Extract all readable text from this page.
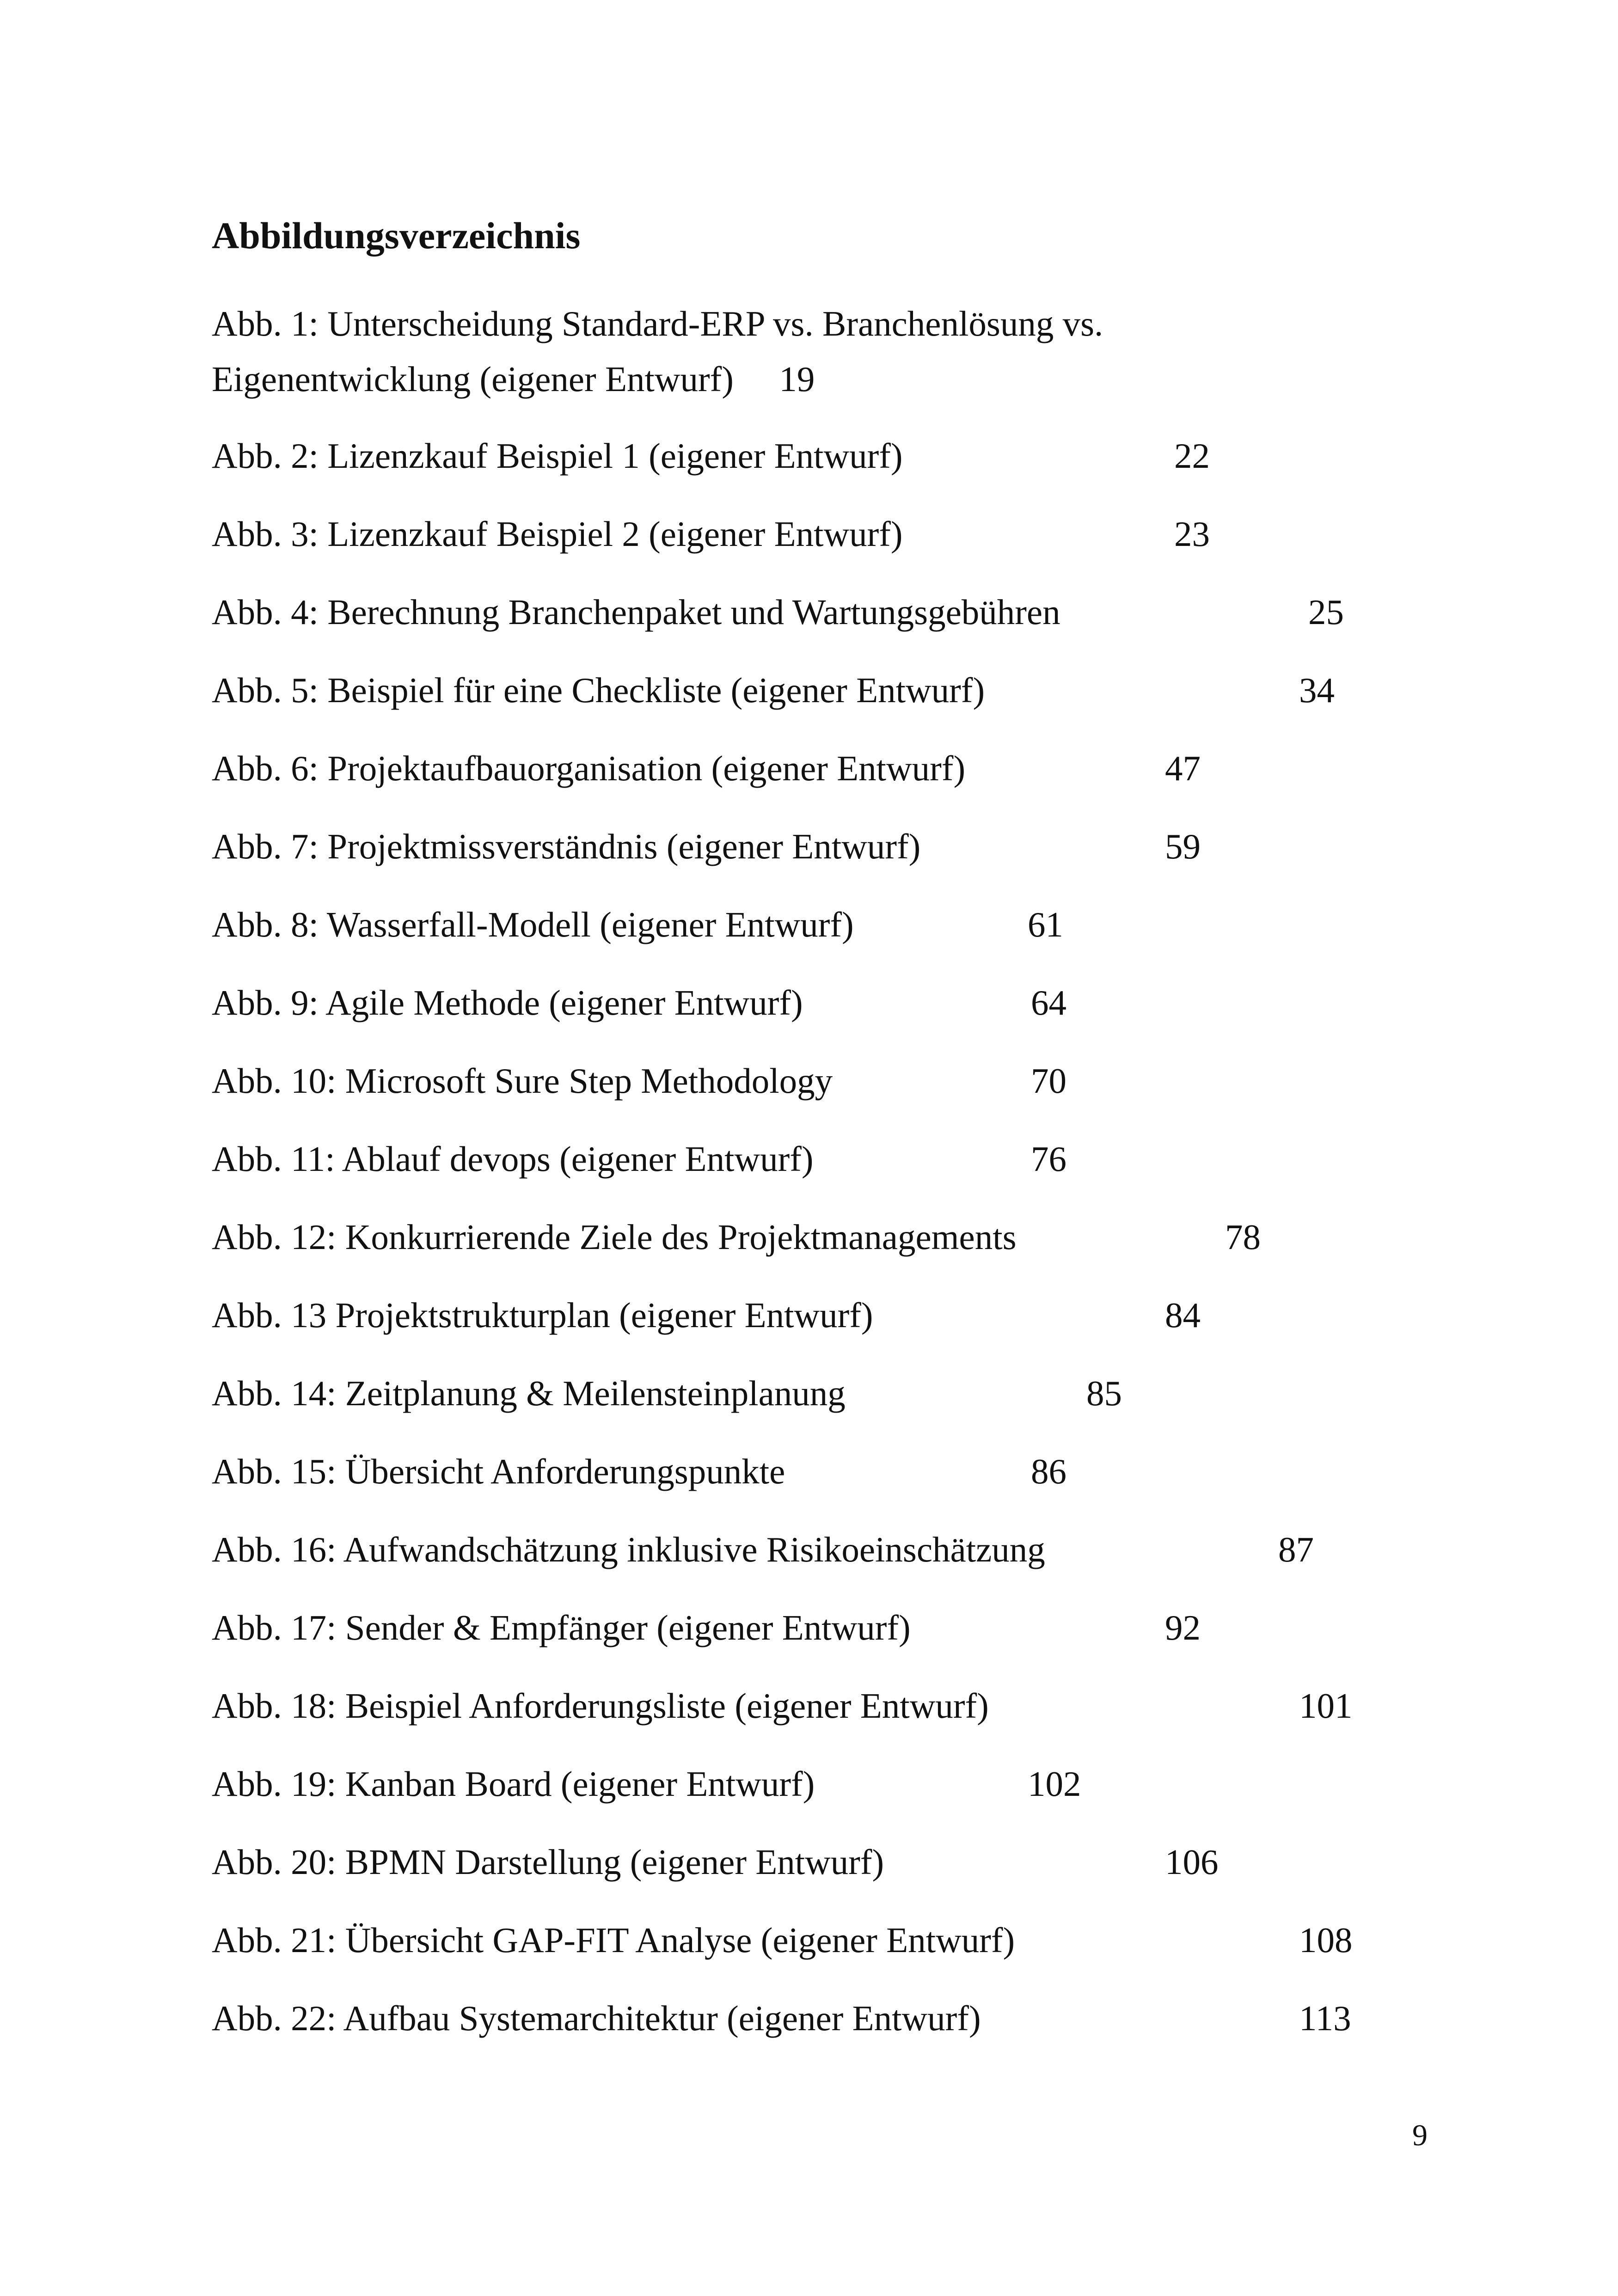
Abbildungsverzeichnis
Abb. 1: Unterscheidung Standard-ERP vs. Branchenlösung vs.
Eigenentwicklung (eigener Entwurf) 19
Abb. 2: Lizenzkauf Beispiel 1 (eigener Entwurf)	22
Abb. 3: Lizenzkauf Beispiel 2 (eigener Entwurf)	23
Abb. 4: Berechnung Branchenpaket und Wartungsgebühren	25
Abb. 5: Beispiel für eine Checkliste (eigener Entwurf)	34
Abb. 6: Projektaufbauorganisation (eigener Entwurf)	47
Abb. 7: Projektmissverständnis (eigener Entwurf)	59
Abb. 8: Wasserfall-Modell (eigener Entwurf)	61
Abb. 9: Agile Methode (eigener Entwurf)	64
Abb. 10: Microsoft Sure Step Methodology	70
Abb. 11: Ablauf devops (eigener Entwurf)	76
Abb. 12: Konkurrierende Ziele des Projektmanagements	78
Abb. 13 Projektstrukturplan (eigener Entwurf)	84
Abb. 14: Zeitplanung & Meilensteinplanung	85
Abb. 15: Übersicht Anforderungspunkte	86
Abb. 16: Aufwandschätzung inklusive Risikoeinschätzung	87
Abb. 17: Sender & Empfänger (eigener Entwurf)	92
Abb. 18: Beispiel Anforderungsliste (eigener Entwurf)	101
Abb. 19: Kanban Board (eigener Entwurf)	102
Abb. 20: BPMN Darstellung (eigener Entwurf)	106
Abb. 21: Übersicht GAP-FIT Analyse (eigener Entwurf)	108
Abb. 22: Aufbau Systemarchitektur (eigener Entwurf)	113
9
